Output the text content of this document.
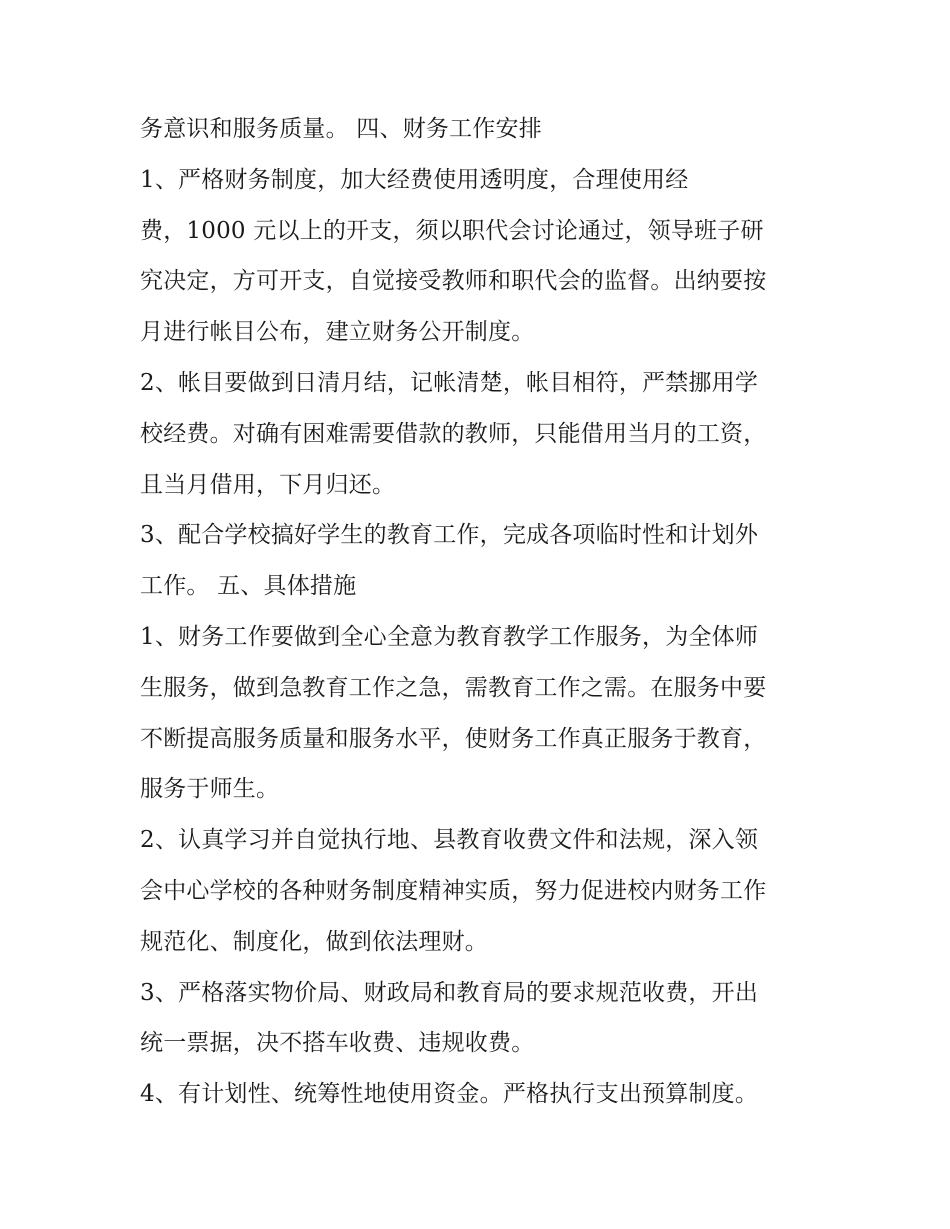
务意识和服务质量。 四、财务工作安排
1、严格财务制度，加大经费使用透明度，合理使用经
费，1000 元以上的开支，须以职代会讨论通过，领导班子研
究决定，方可开支，自觉接受教师和职代会的监督。出纳要按
月进行帐目公布，建立财务公开制度。
2、帐目要做到日清月结，记帐清楚，帐目相符，严禁挪用学
校经费。对确有困难需要借款的教师，只能借用当月的工资，
且当月借用，下月归还。
3、配合学校搞好学生的教育工作，完成各项临时性和计划外
工作。 五、具体措施
1、财务工作要做到全心全意为教育教学工作服务，为全体师
生服务，做到急教育工作之急，需教育工作之需。在服务中要
不断提高服务质量和服务水平，使财务工作真正服务于教育，
服务于师生。
2、认真学习并自觉执行地、县教育收费文件和法规，深入领
会中心学校的各种财务制度精神实质，努力促进校内财务工作
规范化、制度化，做到依法理财。
3、严格落实物价局、财政局和教育局的要求规范收费，开出
统一票据，决不搭车收费、违规收费。
4、有计划性、统筹性地使用资金。严格执行支出预算制度。
